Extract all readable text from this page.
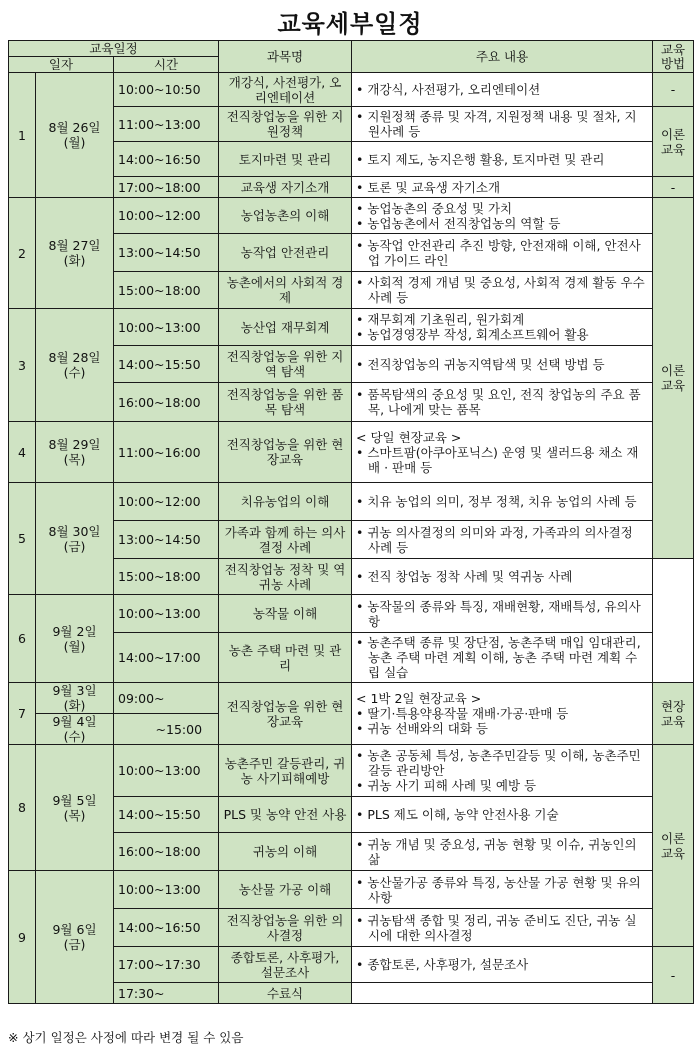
교육세부일정
교육일정			과목명	주요 내용	교육 방법	
일자		시간				
1	8월 26일 (월)	10:00~10:50	개강식, 사전평가, 오리엔테이션	• 개강식, 사전평가, 오리엔테이션	-	
		11:00~13:00	전직창업농을 위한 지원정책	• 지원정책 종류 및 자격, 지원정책 내용 및 절차, 지원사례 등	이론 교육	
		14:00~16:50	토지마련 및 관리	• 토지 제도, 농지은행 활용, 토지마련 및 관리

		17:00~18:00	교육생 자기소개	• 토론 및 교육생 자기소개	-	
2	8월 27일 (화)	10:00~12:00	농업농촌의 이해	• 농업농촌의 중요성 및 가치
• 농업농촌에서 전직창업농의 역할 등	이론 교육	
		13:00~14:50	농작업 안전관리	• 농작업 안전관리 추진 방향, 안전재해 이해, 안전사업 가이드 라인

		15:00~18:00	농촌에서의 사회적 경제	• 사회적 경제 개념 및 중요성, 사회적 경제 활동 우수사례 등

3	8월 28일 (수)	10:00~13:00	농산업 재무회계	• 재무회계 기초원리, 원가회계
• 농업경영장부 작성, 회계소프트웨어 활용

		14:00~15:50	전직창업농을 위한 지역 탐색	• 전직창업농의 귀농지역탐색 및 선택 방법 등

		16:00~18:00	전직창업농을 위한 품목 탐색	• 품목탐색의 중요성 및 요인, 전직 창업농의 주요 품목, 나에게 맞는 품목

4	8월 29일 (목)	11:00~16:00	전직창업농을 위한 현장교육	< 당일 현장교육 >
• 스마트팜(아쿠아포닉스) 운영 및 샐러드용 채소 재배 · 판매 등

5	8월 30일 (금)	10:00~12:00	치유농업의 이해	• 치유 농업의 의미, 정부 정책, 치유 농업의 사례 등

		13:00~14:50	가족과 함께 하는 의사 결정 사례	• 귀농 의사결정의 의미와 과정, 가족과의 의사결정 사례 등

		15:00~18:00	전직창업농 정착 및 역귀농 사례	• 전직 창업농 정착 사례 및 역귀농 사례

6	9월 2일 (월)	10:00~13:00	농작물 이해	• 농작물의 종류와 특징, 재배현황, 재배특성, 유의사항

		14:00~17:00	농촌 주택 마련 및 관리	• 농촌주택 종류 및 장단점, 농촌주택 매입 임대관리, 농촌 주택 마련 계획 이해, 농촌 주택 마련 계획 수립 실습

7	9월 3일 (화)	09:00~	전직창업농을 위한 현장교육	< 1박 2일 현장교육 >
• 딸기·특용약용작물 재배·가공·판매 등
• 귀농 선배와의 대화 등	현장 교육	
	9월 4일 (수)	~15:00				
8	9월 5일 (목)	10:00~13:00	농촌주민 갈등관리, 귀농 사기피해예방	• 농촌 공동체 특성, 농촌주민갈등 및 이해, 농촌주민갈등 관리방안
• 귀농 사기 피해 사례 및 예방 등	이론 교육	
		14:00~15:50	PLS 및 농약 안전 사용	• PLS 제도 이해, 농약 안전사용 기술

		16:00~18:00	귀농의 이해	• 귀농 개념 및 중요성, 귀농 현황 및 이슈, 귀농인의 삶

9	9월 6일 (금)	10:00~13:00	농산물 가공 이해	• 농산물가공 종류와 특징, 농산물 가공 현황 및 유의사항

		14:00~16:50	전직창업농을 위한 의사결정	• 귀농탐색 종합 및 정리, 귀농 준비도 진단, 귀농 실시에 대한 의사결정

		17:00~17:30	종합토론, 사후평가, 설문조사	• 종합토론, 사후평가, 설문조사	-	
		17:30~	수료식			
※ 상기 일정은 사정에 따라 변경 될 수 있음
